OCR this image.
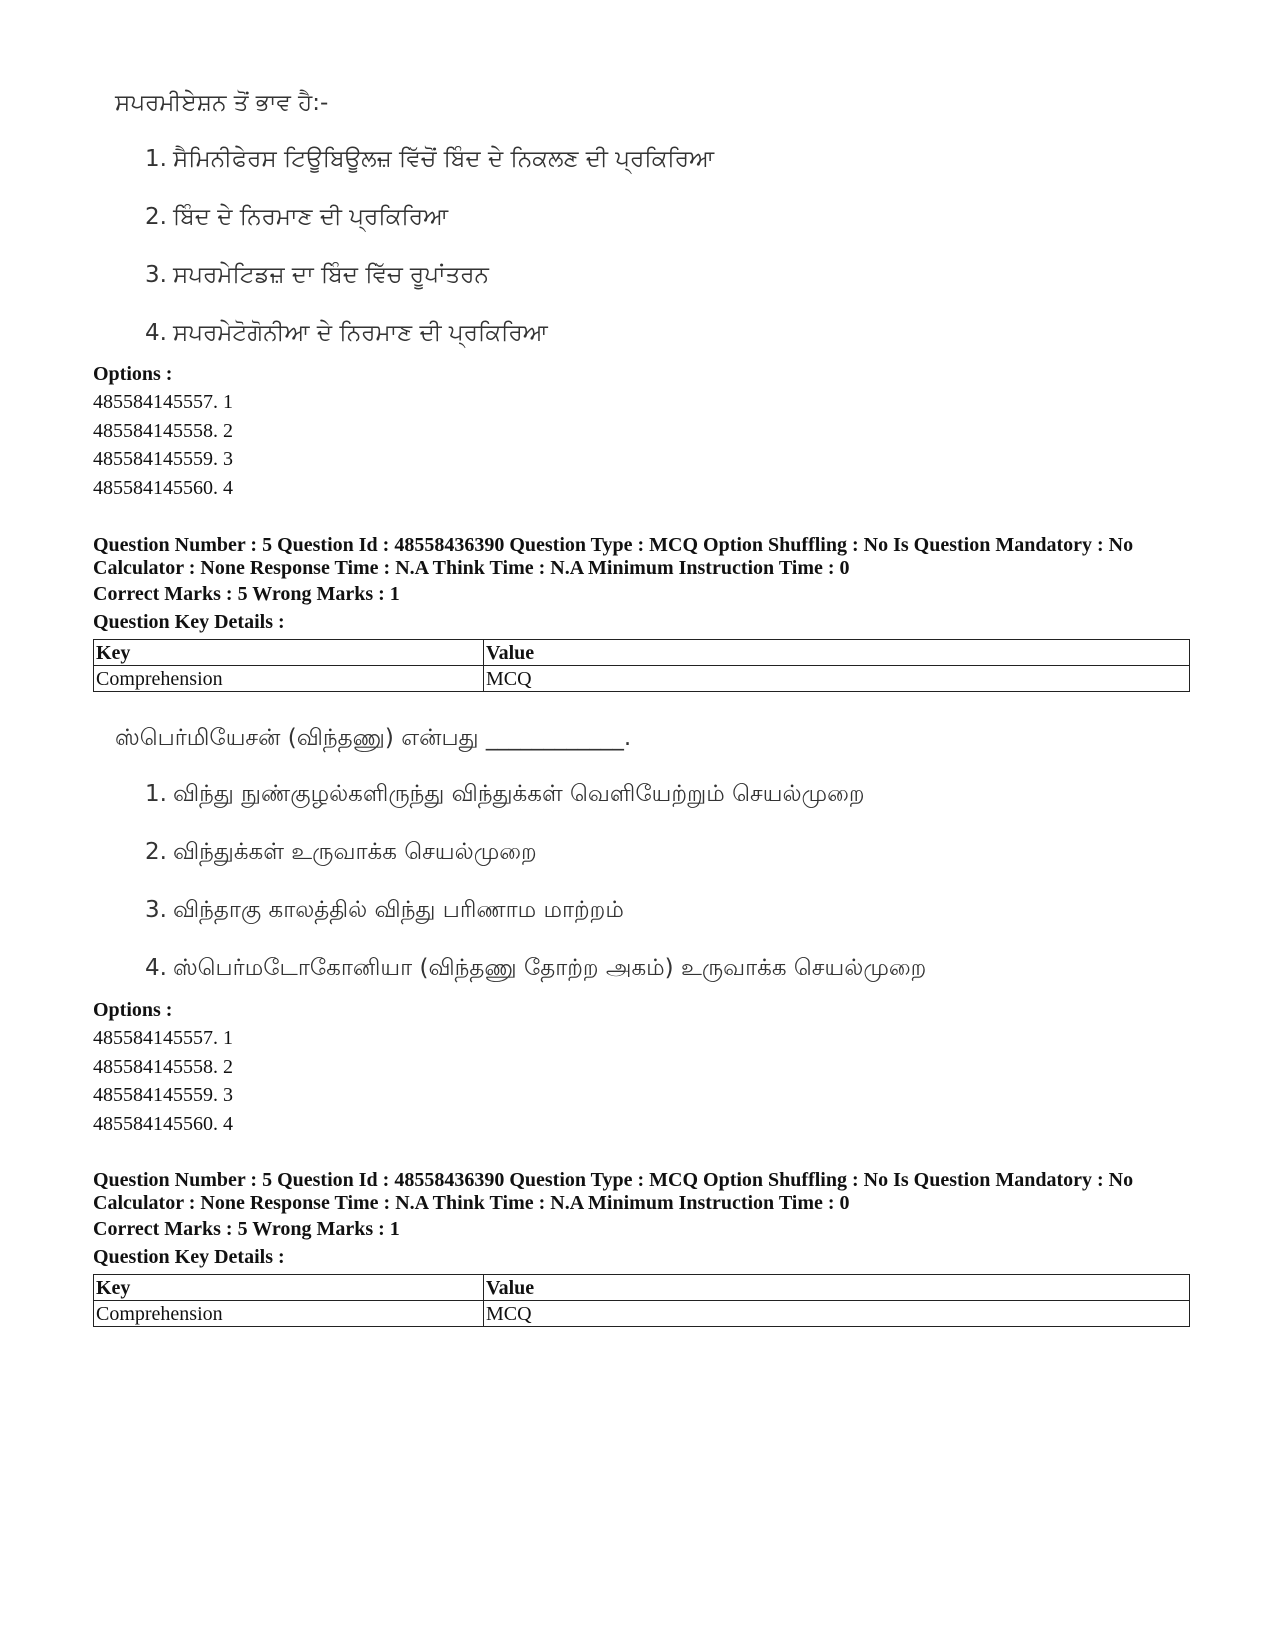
ਸਪਰਮੀਏਸ਼ਨ ਤੋਂ ਭਾਵ ਹੈ:-
1. ਸੈਮਿਨੀਫੇਰਸ ਟਿਊਬਿਊਲਜ਼ ਵਿੱਚੋਂ ਬਿੰਦ ਦੇ ਨਿਕਲਣ ਦੀ ਪ੍ਰਕਿਰਿਆ
2. ਬਿੰਦ ਦੇ ਨਿਰਮਾਣ ਦੀ ਪ੍ਰਕਿਰਿਆ
3. ਸਪਰਮੇਟਿਡਜ਼ ਦਾ ਬਿੰਦ ਵਿੱਚ ਰੂਪਾਂਤਰਨ
4. ਸਪਰਮੇਟੋਗੋਨੀਆ ਦੇ ਨਿਰਮਾਣ ਦੀ ਪ੍ਰਕਿਰਿਆ
Options :
485584145557. 1
485584145558. 2
485584145559. 3
485584145560. 4
Question Number : 5 Question Id : 48558436390 Question Type : MCQ Option Shuffling : No Is Question Mandatory : No
Calculator : None Response Time : N.A Think Time : N.A Minimum Instruction Time : 0
Correct Marks : 5 Wrong Marks : 1
Question Key Details :
Key	Value
Comprehension	MCQ
ஸ்பெர்மியேசன் (விந்தணு) என்பது ____________.
1. விந்து நுண்குழல்களிருந்து விந்துக்கள் வெளியேற்றும் செயல்முறை
2. விந்துக்கள் உருவாக்க செயல்முறை
3. விந்தாகு காலத்தில் விந்து பரிணாம மாற்றம்
4. ஸ்பெர்மடோகோனியா (விந்தணு தோற்ற அகம்) உருவாக்க செயல்முறை
Options :
485584145557. 1
485584145558. 2
485584145559. 3
485584145560. 4
Question Number : 5 Question Id : 48558436390 Question Type : MCQ Option Shuffling : No Is Question Mandatory : No
Calculator : None Response Time : N.A Think Time : N.A Minimum Instruction Time : 0
Correct Marks : 5 Wrong Marks : 1
Question Key Details :
Key	Value
Comprehension	MCQ
